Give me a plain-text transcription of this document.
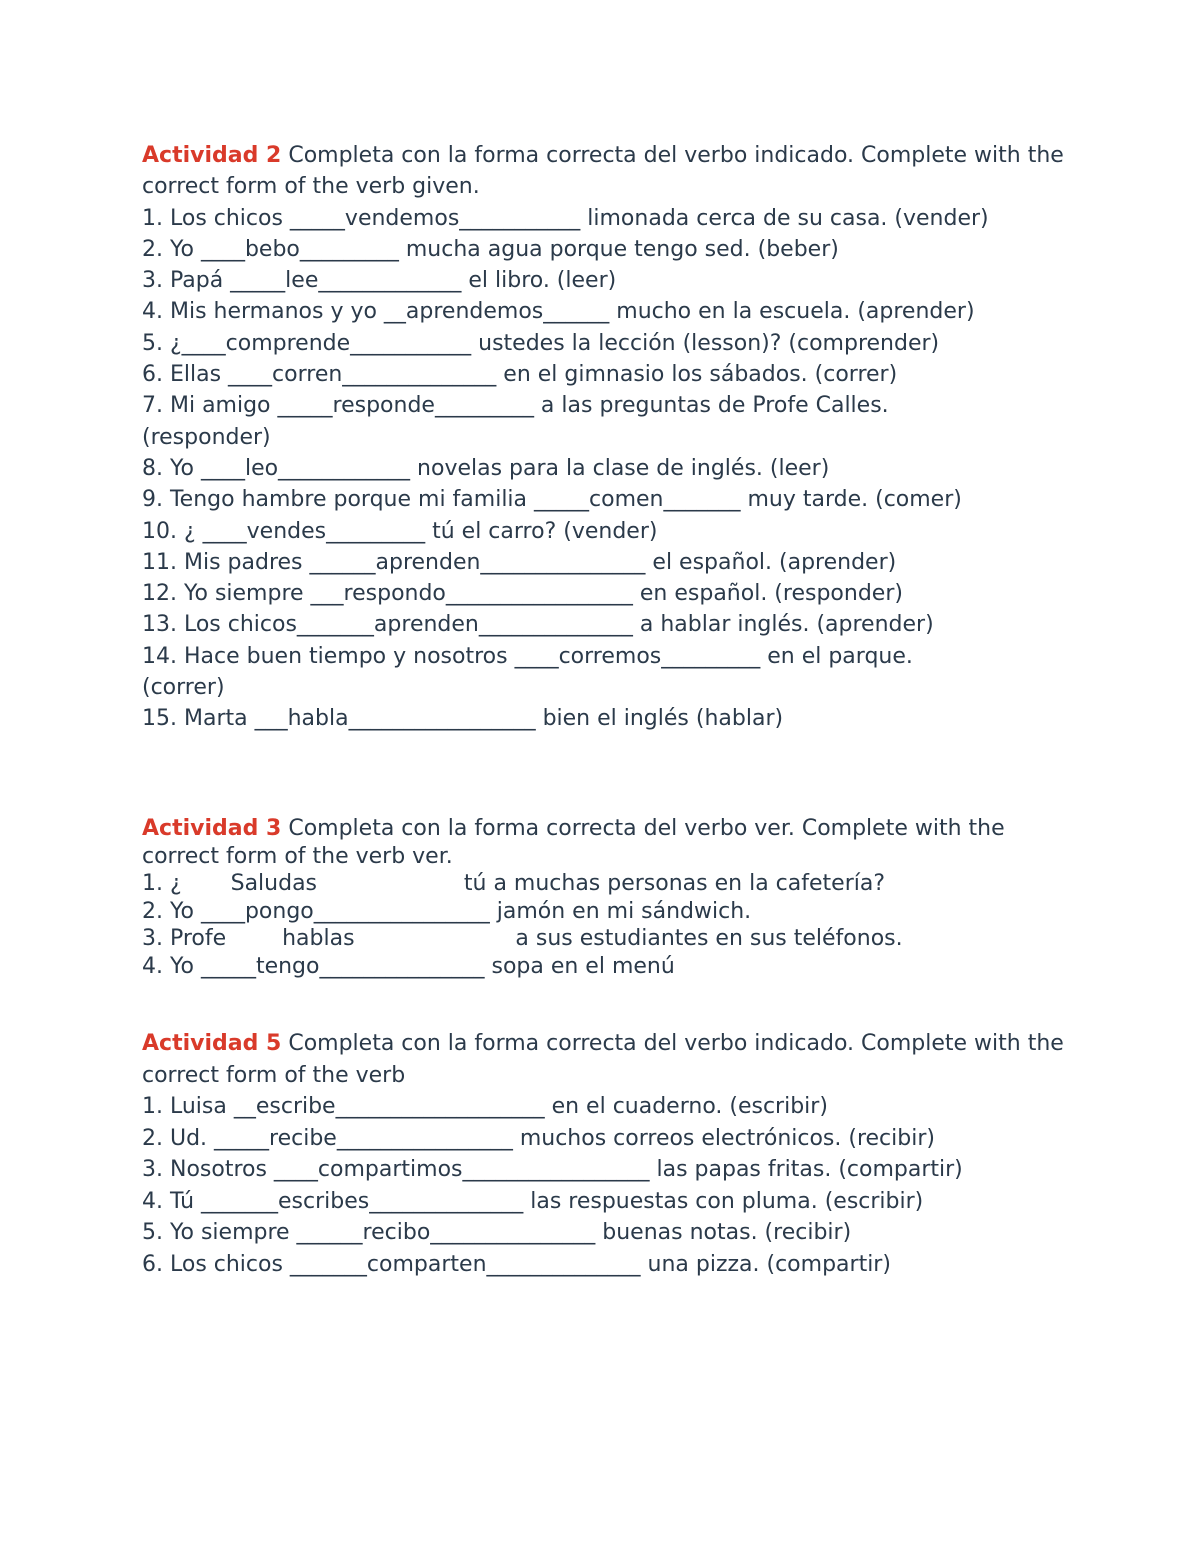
Actividad 2 Completa con la forma correcta del verbo indicado. Complete with the correct form of the verb given.
1. Los chicos _____vendemos___________ limonada cerca de su casa. (vender)
2. Yo ____bebo_________ mucha agua porque tengo sed. (beber)
3. Papá _____lee_____________ el libro. (leer)
4. Mis hermanos y yo __aprendemos______ mucho en la escuela. (aprender)
5. ¿____comprende___________ ustedes la lección (lesson)? (comprender)
6. Ellas ____corren______________ en el gimnasio los sábados. (correr)
7. Mi amigo _____responde_________ a las preguntas de Profe Calles. (responder)
8. Yo ____leo____________ novelas para la clase de inglés. (leer)
9. Tengo hambre porque mi familia _____comen_______ muy tarde. (comer)
10. ¿ ____vendes_________ tú el carro? (vender)
11. Mis padres ______aprenden_______________ el español. (aprender)
12. Yo siempre ___respondo_________________ en español. (responder)
13. Los chicos_______aprenden______________ a hablar inglés. (aprender)
14. Hace buen tiempo y nosotros ____corremos_________ en el parque. (correr)
15. Marta ___habla_________________ bien el inglés (hablar)
Actividad 3 Completa con la forma correcta del verbo ver. Complete with the correct form of the verb ver.
1. ¿       Saludas                     tú a muchas personas en la cafetería?
2. Yo ____pongo________________ jamón en mi sándwich.
3. Profe        hablas                       a sus estudiantes en sus teléfonos.
4. Yo _____tengo_______________ sopa en el menú
Actividad 5 Completa con la forma correcta del verbo indicado. Complete with the correct form of the verb
1. Luisa __escribe___________________ en el cuaderno. (escribir)
2. Ud. _____recibe________________ muchos correos electrónicos. (recibir)
3. Nosotros ____compartimos_________________ las papas fritas. (compartir)
4. Tú _______escribes______________ las respuestas con pluma. (escribir)
5. Yo siempre ______recibo_______________ buenas notas. (recibir)
6. Los chicos _______comparten______________ una pizza. (compartir)
